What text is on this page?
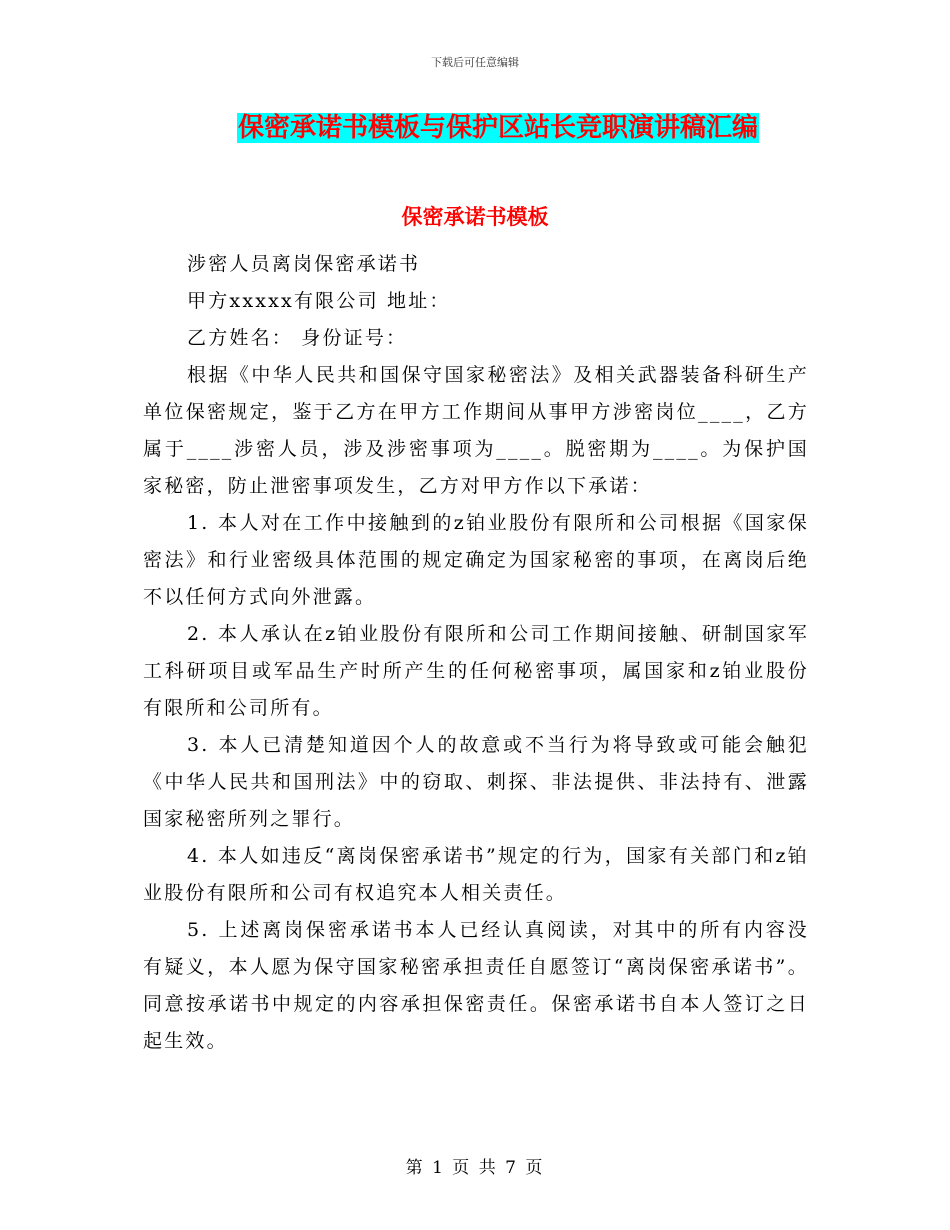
下载后可任意编辑
保密承诺书模板与保护区站长竞职演讲稿汇编
保密承诺书模板

涉密人员离岗保密承诺书

甲方xxxxx有限公司 地址：

乙方姓名： 身份证号：

根据《中华人民共和国保守国家秘密法》及相关武器装备科研生产单位保密规定，鉴于乙方在甲方工作期间从事甲方涉密岗位____，乙方属于____涉密人员，涉及涉密事项为____。脱密期为____。为保护国家秘密，防止泄密事项发生，乙方对甲方作以下承诺：

1. 本人对在工作中接触到的z铂业股份有限所和公司根据《国家保密法》和行业密级具体范围的规定确定为国家秘密的事项，在离岗后绝不以任何方式向外泄露。

2. 本人承认在z铂业股份有限所和公司工作期间接触、研制国家军工科研项目或军品生产时所产生的任何秘密事项，属国家和z铂业股份有限所和公司所有。

3. 本人已清楚知道因个人的故意或不当行为将导致或可能会触犯《中华人民共和国刑法》中的窃取、刺探、非法提供、非法持有、泄露国家秘密所列之罪行。

4. 本人如违反“离岗保密承诺书”规定的行为，国家有关部门和z铂业股份有限所和公司有权追究本人相关责任。

5. 上述离岗保密承诺书本人已经认真阅读，对其中的所有内容没有疑义，本人愿为保守国家秘密承担责任自愿签订“离岗保密承诺书”。同意按承诺书中规定的内容承担保密责任。保密承诺书自本人签订之日起生效。

第 1 页 共 7 页
